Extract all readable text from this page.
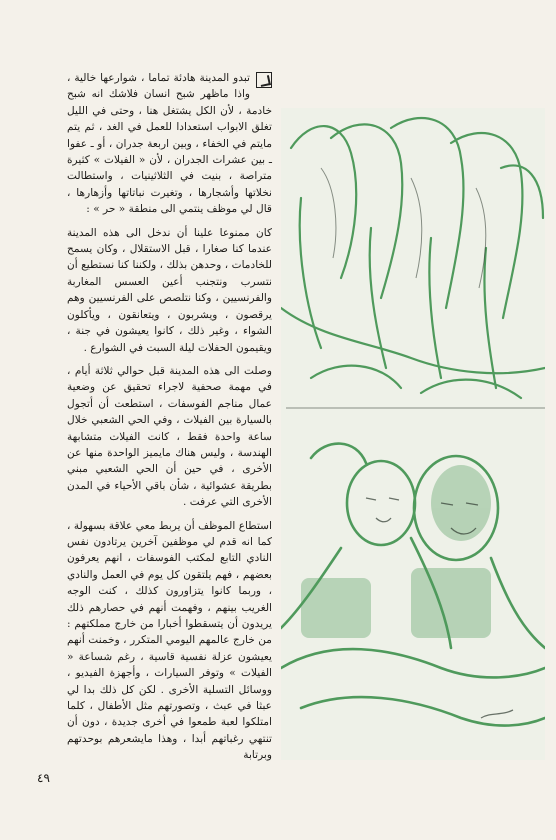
تبدو المدينة هادئة تماما ، شوارعها خالية ، واذا ماظهر شبح انسان فلاشك انه شبح خادمة ، لأن الكل يشتغل هنا ، وحتى في الليل تغلق الابواب استعدادا للعمل في الغد ، ثم يتم مايتم في الخفاء ، وبين اربعة جدران ، أو ـ عفوا ـ بين عشرات الجدران ، لأن « الفيلات » كثيرة متراصة ، بنيت في الثلاثينيات ، واستطالت نخلاتها وأشجارها ، وتغيرت نباتاتها وأزهارها ، قال لي موظف ينتمي الى منطقة « حر » :

كان ممنوعا علينا أن ندخل الى هذه المدينة عندما كنا صغارا ، قبل الاستقلال ، وكان يسمح للخادمات ، وحدهن بذلك ، ولكننا كنا نستطيع أن نتسرب ونتجنب أعين العسس المغاربة والفرنسيين ، وكنا نتلصص على الفرنسيين وهم يرقصون ، ويشربون ، ويتعانقون ، ويأكلون الشواء ، وغير ذلك ، كانوا يعيشون في جنة ، ويقيمون الحفلات ليلة السبت في الشوارع .

وصلت الى هذه المدينة قبل حوالي ثلاثة أيام ، في مهمة صحفية لاجراء تحقيق عن وضعية عمال مناجم الفوسفات ، استطعت أن أتجول بالسيارة بين الفيلات ، وفي الحي الشعبي خلال ساعة واحدة فقط ، كانت الفيلات متشابهة الهندسة ، وليس هناك مايميز الواحدة منها عن الأخرى ، في حين أن الحي الشعبي مبني بطريقة عشوائية ، شأن باقي الأحياء في المدن الأخرى التي عرفت .

استطاع الموظف أن يربط معي علاقة بسهولة ، كما انه قدم لي موظفين آخرين يرتادون نفس النادي التابع لمكتب الفوسفات ، انهم يعرفون بعضهم ، فهم يلتقون كل يوم في العمل والنادي ، وربما كانوا يتزاورون كذلك ، كنت الوجه الغريب بينهم ، وفهمت أنهم في حصارهم ذلك يريدون أن يتسقطوا أخبارا من خارج مملكتهم : من خارج عالمهم اليومي المتكرر ، وخمنت أنهم يعيشون عزلة نفسية قاسية ، رغم شساعة « الفيلات » وتوفر السيارات ، وأجهزة الفيديو ، ووسائل التسلية الأخرى . لكن كل ذلك بدا لي عبثا في عبث ، وتصورتهم مثل الأطفال ، كلما امتلكوا لعبة طمعوا في أخرى جديدة ، دون أن تنتهي رغباتهم أبدا ، وهذا مايشعرهم بوحدتهم وبرتابة

٤٩
